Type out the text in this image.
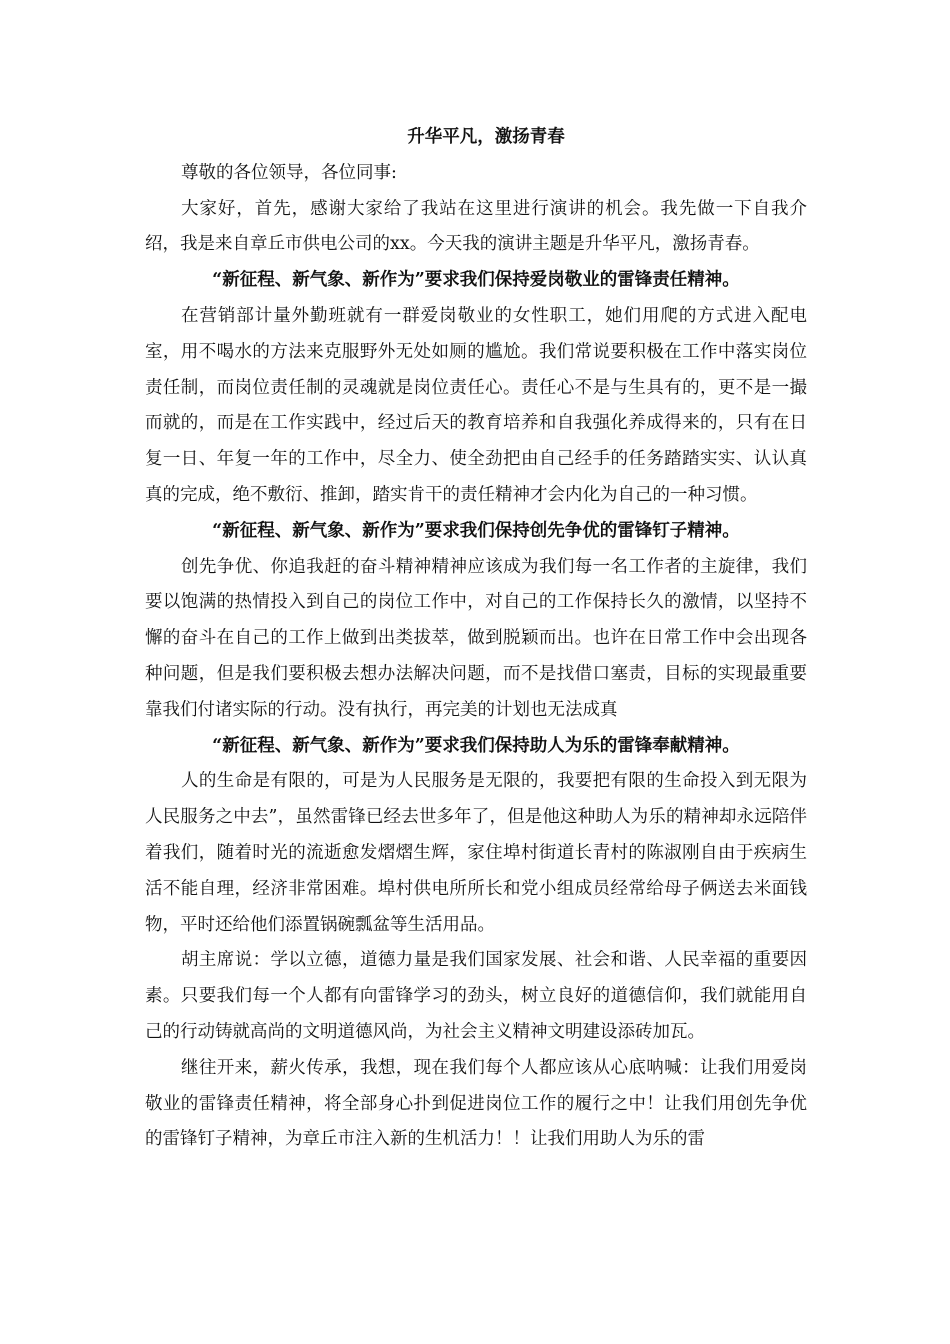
升华平凡，激扬青春

尊敬的各位领导，各位同事:

大家好，首先，感谢大家给了我站在这里进行演讲的机会。我先做一下自我介绍，我是来自章丘市供电公司的xx。今天我的演讲主题是升华平凡，激扬青春。

“新征程、新气象、新作为”要求我们保持爱岗敬业的雷锋责任精神。

在营销部计量外勤班就有一群爱岗敬业的女性职工，她们用爬的方式进入配电室，用不喝水的方法来克服野外无处如厕的尴尬。我们常说要积极在工作中落实岗位责任制，而岗位责任制的灵魂就是岗位责任心。责任心不是与生具有的，更不是一撮而就的，而是在工作实践中，经过后天的教育培养和自我强化养成得来的，只有在日复一日、年复一年的工作中，尽全力、使全劲把由自己经手的任务踏踏实实、认认真真的完成，绝不敷衍、推卸，踏实肯干的责任精神才会内化为自己的一种习惯。

“新征程、新气象、新作为”要求我们保持创先争优的雷锋钉子精神。

创先争优、你追我赶的奋斗精神精神应该成为我们每一名工作者的主旋律，我们要以饱满的热情投入到自己的岗位工作中，对自己的工作保持长久的激情，以坚持不懈的奋斗在自己的工作上做到出类拔萃，做到脱颖而出。也许在日常工作中会出现各种问题，但是我们要积极去想办法解决问题，而不是找借口塞责，目标的实现最重要靠我们付诸实际的行动。没有执行，再完美的计划也无法成真

“新征程、新气象、新作为”要求我们保持助人为乐的雷锋奉献精神。

人的生命是有限的，可是为人民服务是无限的，我要把有限的生命投入到无限为人民服务之中去”，虽然雷锋已经去世多年了，但是他这种助人为乐的精神却永远陪伴着我们，随着时光的流逝愈发熠熠生辉，家住埠村街道长青村的陈淑刚自由于疾病生活不能自理，经济非常困难。埠村供电所所长和党小组成员经常给母子俩送去米面钱物，平时还给他们添置锅碗瓢盆等生活用品。

胡主席说：学以立德，道德力量是我们国家发展、社会和谐、人民幸福的重要因素。只要我们每一个人都有向雷锋学习的劲头，树立良好的道德信仰，我们就能用自己的行动铸就高尚的文明道德风尚，为社会主义精神文明建设添砖加瓦。

继往开来，薪火传承，我想，现在我们每个人都应该从心底呐喊：让我们用爱岗敬业的雷锋责任精神，将全部身心扑到促进岗位工作的履行之中！让我们用创先争优的雷锋钉子精神，为章丘市注入新的生机活力！！让我们用助人为乐的雷
